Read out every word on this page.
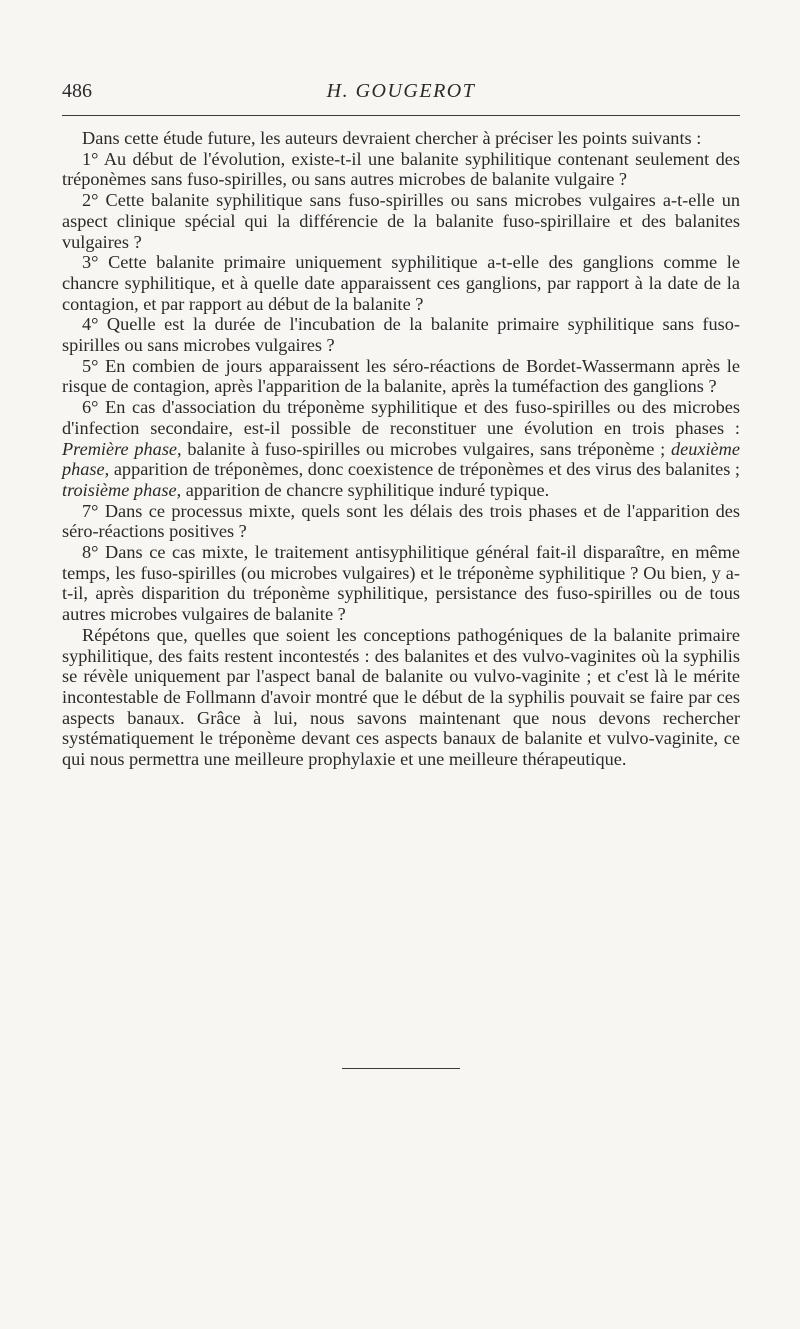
486	H. GOUGEROT

Dans cette étude future, les auteurs devraient chercher à préciser les points suivants :

1° Au début de l'évolution, existe-t-il une balanite syphilitique contenant seulement des tréponèmes sans fuso-spirilles, ou sans autres microbes de balanite vulgaire ?

2° Cette balanite syphilitique sans fuso-spirilles ou sans microbes vulgaires a-t-elle un aspect clinique spécial qui la différencie de la balanite fuso-spirillaire et des balanites vulgaires ?

3° Cette balanite primaire uniquement syphilitique a-t-elle des ganglions comme le chancre syphilitique, et à quelle date apparaissent ces ganglions, par rapport à la date de la contagion, et par rapport au début de la balanite ?

4° Quelle est la durée de l'incubation de la balanite primaire syphilitique sans fuso-spirilles ou sans microbes vulgaires ?

5° En combien de jours apparaissent les séro-réactions de Bordet-Wassermann après le risque de contagion, après l'apparition de la balanite, après la tuméfaction des ganglions ?

6° En cas d'association du tréponème syphilitique et des fuso-spirilles ou des microbes d'infection secondaire, est-il possible de reconstituer une évolution en trois phases : Première phase, balanite à fuso-spirilles ou microbes vulgaires, sans tréponème ; deuxième phase, apparition de tréponèmes, donc coexistence de tréponèmes et des virus des balanites ; troisième phase, apparition de chancre syphilitique induré typique.

7° Dans ce processus mixte, quels sont les délais des trois phases et de l'apparition des séro-réactions positives ?

8° Dans ce cas mixte, le traitement antisyphilitique général fait-il disparaître, en même temps, les fuso-spirilles (ou microbes vulgaires) et le tréponème syphilitique ? Ou bien, y a-t-il, après disparition du tréponème syphilitique, persistance des fuso-spirilles ou de tous autres microbes vulgaires de balanite ?

Répétons que, quelles que soient les conceptions pathogéniques de la balanite primaire syphilitique, des faits restent incontestés : des balanites et des vulvo-vaginites où la syphilis se révèle uniquement par l'aspect banal de balanite ou vulvo-vaginite ; et c'est là le mérite incontestable de Follmann d'avoir montré que le début de la syphilis pouvait se faire par ces aspects banaux. Grâce à lui, nous savons maintenant que nous devons rechercher systématiquement le tréponème devant ces aspects banaux de balanite et vulvo-vaginite, ce qui nous permettra une meilleure prophylaxie et une meilleure thérapeutique.
